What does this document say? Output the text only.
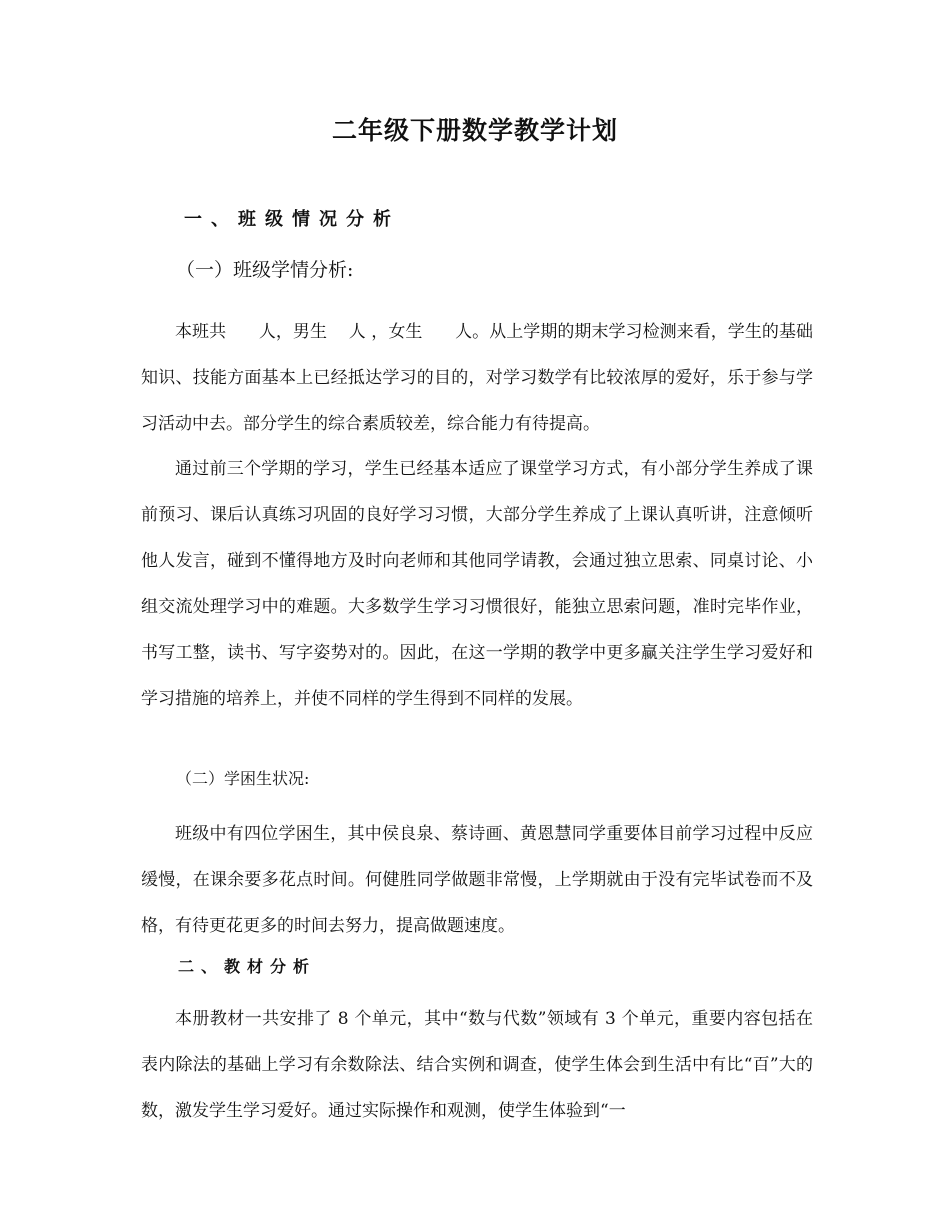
二年级下册数学教学计划
一、班级情况分析
（一）班级学情分析:

本班共      人，男生    人 ，女生      人。从上学期的期末学习检测来看，学生的基础知识、技能方面基本上已经抵达学习的目的，对学习数学有比较浓厚的爱好，乐于参与学习活动中去。部分学生的综合素质较差，综合能力有待提高。

通过前三个学期的学习，学生已经基本适应了课堂学习方式，有小部分学生养成了课前预习、课后认真练习巩固的良好学习习惯，大部分学生养成了上课认真听讲，注意倾听他人发言，碰到不懂得地方及时向老师和其他同学请教，会通过独立思索、同桌讨论、小组交流处理学习中的难题。大多数学生学习习惯很好，能独立思索问题，准时完毕作业，书写工整，读书、写字姿势对的。因此，在这一学期的教学中更多赢关注学生学习爱好和学习措施的培养上，并使不同样的学生得到不同样的发展。

（二）学困生状况:

班级中有四位学困生，其中侯良泉、蔡诗画、黄恩慧同学重要体目前学习过程中反应缓慢，在课余要多花点时间。何健胜同学做题非常慢，上学期就由于没有完毕试卷而不及格，有待更花更多的时间去努力，提高做题速度。

二、教材分析

本册教材一共安排了 8 个单元，其中“数与代数”领域有 3 个单元，重要内容包括在表内除法的基础上学习有余数除法、结合实例和调查，使学生体会到生活中有比“百”大的数，激发学生学习爱好。通过实际操作和观测，使学生体验到“一
